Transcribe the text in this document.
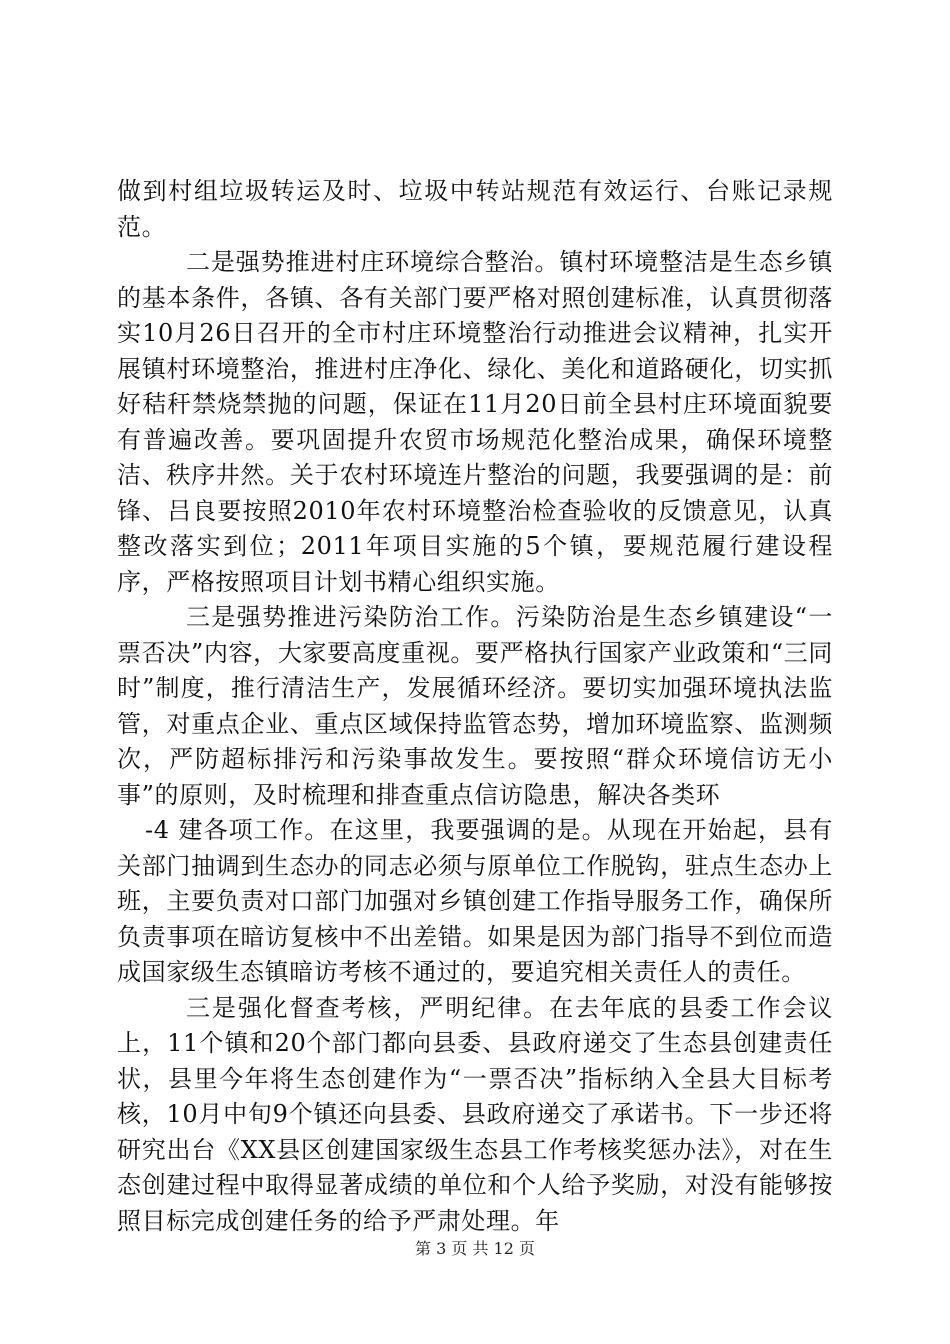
做到村组垃圾转运及时、垃圾中转站规范有效运行、台账记录规范。

二是强势推进村庄环境综合整治。镇村环境整洁是生态乡镇的基本条件，各镇、各有关部门要严格对照创建标准，认真贯彻落实10月26日召开的全市村庄环境整治行动推进会议精神，扎实开展镇村环境整治，推进村庄净化、绿化、美化和道路硬化，切实抓好秸秆禁烧禁抛的问题，保证在11月20日前全县村庄环境面貌要有普遍改善。要巩固提升农贸市场规范化整治成果，确保环境整洁、秩序井然。关于农村环境连片整治的问题，我要强调的是：前锋、吕良要按照2010年农村环境整治检查验收的反馈意见，认真整改落实到位；2011年项目实施的5个镇，要规范履行建设程序，严格按照项目计划书精心组织实施。

三是强势推进污染防治工作。污染防治是生态乡镇建设“一票否决”内容，大家要高度重视。要严格执行国家产业政策和“三同时”制度，推行清洁生产，发展循环经济。要切实加强环境执法监管，对重点企业、重点区域保持监管态势，增加环境监察、监测频次，严防超标排污和污染事故发生。要按照“群众环境信访无小事”的原则，及时梳理和排查重点信访隐患，解决各类环

-4 建各项工作。在这里，我要强调的是。从现在开始起，县有关部门抽调到生态办的同志必须与原单位工作脱钩，驻点生态办上班，主要负责对口部门加强对乡镇创建工作指导服务工作，确保所负责事项在暗访复核中不出差错。如果是因为部门指导不到位而造成国家级生态镇暗访考核不通过的，要追究相关责任人的责任。

三是强化督查考核，严明纪律。在去年底的县委工作会议上，11个镇和20个部门都向县委、县政府递交了生态县创建责任状，县里今年将生态创建作为“一票否决”指标纳入全县大目标考核，10月中旬9个镇还向县委、县政府递交了承诺书。下一步还将研究出台《XX县区创建国家级生态县工作考核奖惩办法》，对在生态创建过程中取得显著成绩的单位和个人给予奖励，对没有能够按照目标完成创建任务的给予严肃处理。年

第 3 页 共 12 页
